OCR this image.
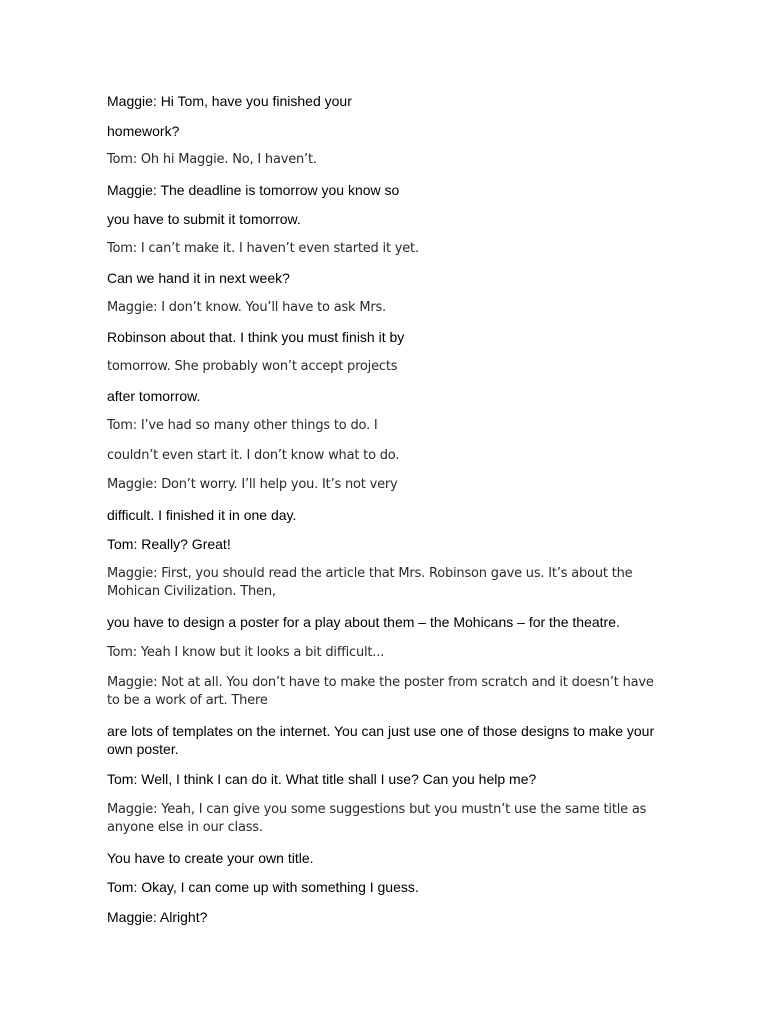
Maggie: Hi Tom, have you finished your

homework?

Tom: Oh hi Maggie. No, I haven’t.

Maggie: The deadline is tomorrow you know so

you have to submit it tomorrow.

Tom: I can’t make it. I haven’t even started it yet.

Can we hand it in next week?

Maggie: I don’t know. You’ll have to ask Mrs.

Robinson about that. I think you must finish it by

tomorrow. She probably won’t accept projects

after tomorrow.

Tom: I’ve had so many other things to do. I

couldn’t even start it. I don’t know what to do.

Maggie: Don’t worry. I’ll help you. It’s not very

difficult. I finished it in one day.

Tom: Really? Great!

Maggie: First, you should read the article that Mrs. Robinson gave us. It’s about the Mohican Civilization. Then,

you have to design a poster for a play about them – the Mohicans – for the theatre.

Tom: Yeah I know but it looks a bit difficult...

Maggie: Not at all. You don’t have to make the poster from scratch and it doesn’t have to be a work of art. There

are lots of templates on the internet. You can just use one of those designs to make your own poster.

Tom: Well, I think I can do it. What title shall I use? Can you help me?

Maggie: Yeah, I can give you some suggestions but you mustn’t use the same title as anyone else in our class.

You have to create your own title.

Tom: Okay, I can come up with something I guess.

Maggie: Alright?
